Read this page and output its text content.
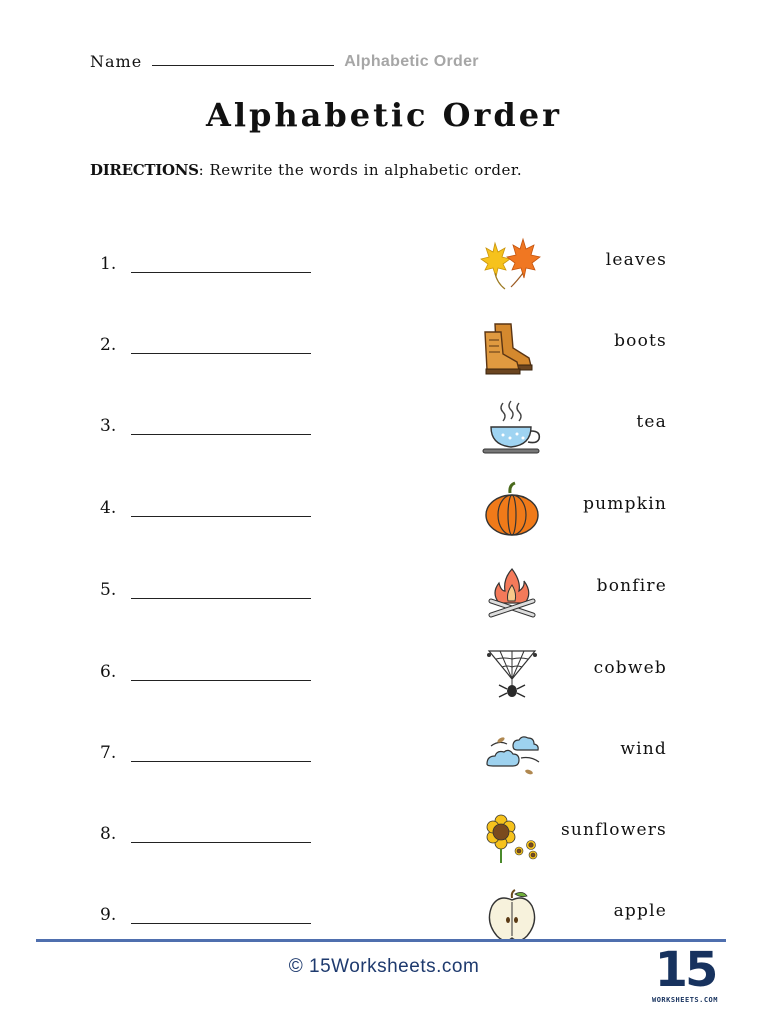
Name	Alphabetic Order
Alphabetic Order
DIRECTIONS: Rewrite the words in alphabetic order.
1.	leaves
2.	boots
3.	tea
4.	pumpkin
5.	bonfire
6.	cobweb
7.	wind
8.	sunflowers
9.	apple
© 15Worksheets.com	15
WORKSHEETS.COM
